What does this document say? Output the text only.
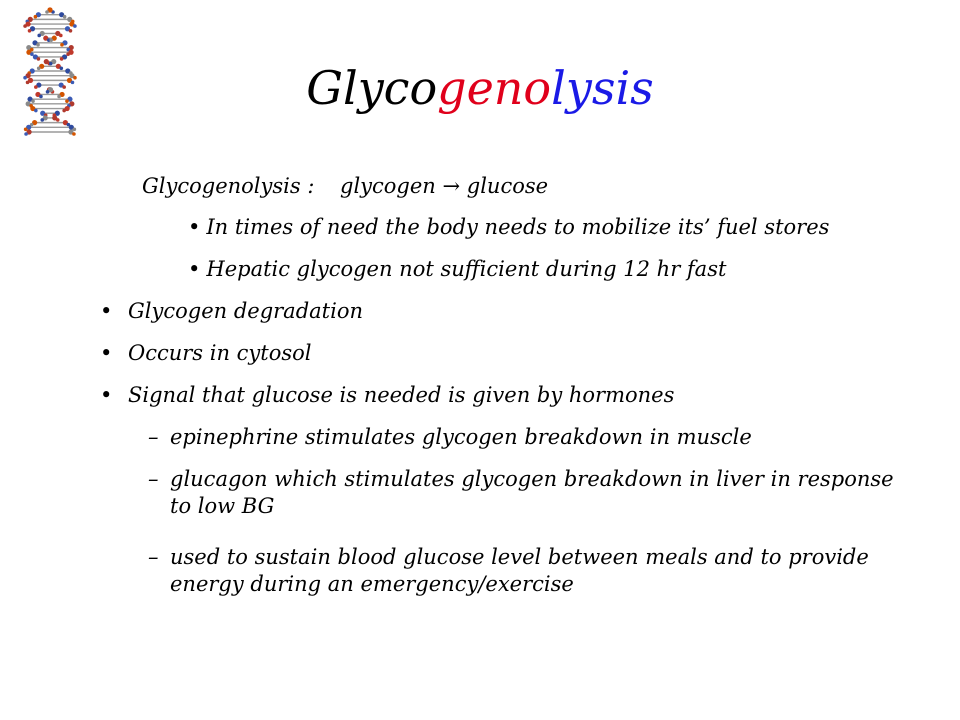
Glycogenolysis
Glycogenolysis : glycogen → glucose
• In times of need the body needs to mobilize its’ fuel stores
• Hepatic glycogen not sufficient during 12 hr fast
• Glycogen degradation
• Occurs in cytosol
• Signal that glucose is needed is given by hormones
– epinephrine stimulates glycogen breakdown in muscle
– glucagon which stimulates glycogen breakdown in liver in response to low BG
– used to sustain blood glucose level between meals and to provide energy during an emergency/exercise
